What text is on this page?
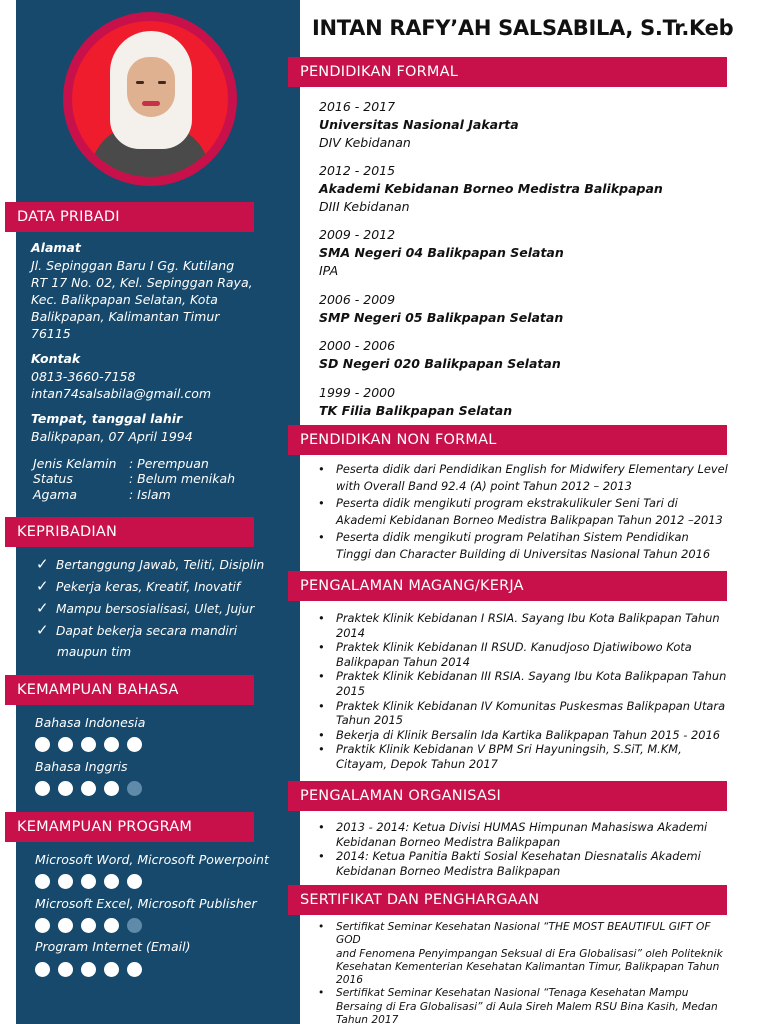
DATA PRIBADI
Alamat
Jl. Sepinggan Baru I Gg. Kutilang
RT 17 No. 02, Kel. Sepinggan Raya,
Kec. Balikpapan Selatan, Kota
Balikpapan, Kalimantan Timur
76115
Kontak
0813-3660-7158
intan74salsabila@gmail.com
Tempat, tanggal lahir
Balikpapan, 07 April 1994
Jenis Kelamin : Perempuan
Status	: Belum menikah
Agama	: Islam
KEPRIBADIAN
✓ Bertanggung Jawab, Teliti, Disiplin
✓ Pekerja keras, Kreatif, Inovatif
✓ Mampu bersosialisasi, Ulet, Jujur
✓ Dapat bekerja secara mandiri
maupun tim
KEMAMPUAN BAHASA
Bahasa Indonesia
Bahasa Inggris
KEMAMPUAN PROGRAM
Microsoft Word, Microsoft Powerpoint
Microsoft Excel, Microsoft Publisher
Program Internet (Email)
INTAN RAFY’AH SALSABILA, S.Tr.Keb
PENDIDIKAN FORMAL
2016 - 2017
Universitas Nasional Jakarta
DIV Kebidanan
2012 - 2015
Akademi Kebidanan Borneo Medistra Balikpapan
DIII Kebidanan
2009 - 2012
SMA Negeri 04 Balikpapan Selatan
IPA
2006 - 2009
SMP Negeri 05 Balikpapan Selatan
2000 - 2006
SD Negeri 020 Balikpapan Selatan
1999 - 2000
TK Filia Balikpapan Selatan
PENDIDIKAN NON FORMAL
• Peserta didik dari Pendidikan English for Midwifery Elementary Level
with Overall Band 92.4 (A) point Tahun 2012 – 2013
• Peserta didik mengikuti program ekstrakulikuler Seni Tari di
Akademi Kebidanan Borneo Medistra Balikpapan Tahun 2012 –2013
• Peserta didik mengikuti program Pelatihan Sistem Pendidikan
Tinggi dan Character Building di Universitas Nasional Tahun 2016
PENGALAMAN MAGANG/KERJA
• Praktek Klinik Kebidanan I RSIA. Sayang Ibu Kota Balikpapan Tahun
2014
• Praktek Klinik Kebidanan II RSUD. Kanudjoso Djatiwibowo Kota
Balikpapan Tahun 2014
• Praktek Klinik Kebidanan III RSIA. Sayang Ibu Kota Balikpapan Tahun
2015
• Praktek Klinik Kebidanan IV Komunitas Puskesmas Balikpapan Utara
Tahun 2015
• Bekerja di Klinik Bersalin Ida Kartika Balikpapan Tahun 2015 - 2016
• Praktik Klinik Kebidanan V BPM Sri Hayuningsih, S.SiT, M.KM,
Citayam, Depok Tahun 2017
PENGALAMAN ORGANISASI
• 2013 - 2014: Ketua Divisi HUMAS Himpunan Mahasiswa Akademi
Kebidanan Borneo Medistra Balikpapan
• 2014: Ketua Panitia Bakti Sosial Kesehatan Diesnatalis Akademi
Kebidanan Borneo Medistra Balikpapan
SERTIFIKAT DAN PENGHARGAAN
• Sertifikat Seminar Kesehatan Nasional “THE MOST BEAUTIFUL GIFT OF GOD
and Fenomena Penyimpangan Seksual di Era Globalisasi” oleh Politeknik
Kesehatan Kementerian Kesehatan Kalimantan Timur, Balikpapan Tahun
2016
• Sertifikat Seminar Kesehatan Nasional “Tenaga Kesehatan Mampu
Bersaing di Era Globalisasi” di Aula Sireh Malem RSU Bina Kasih, Medan
Tahun 2017
